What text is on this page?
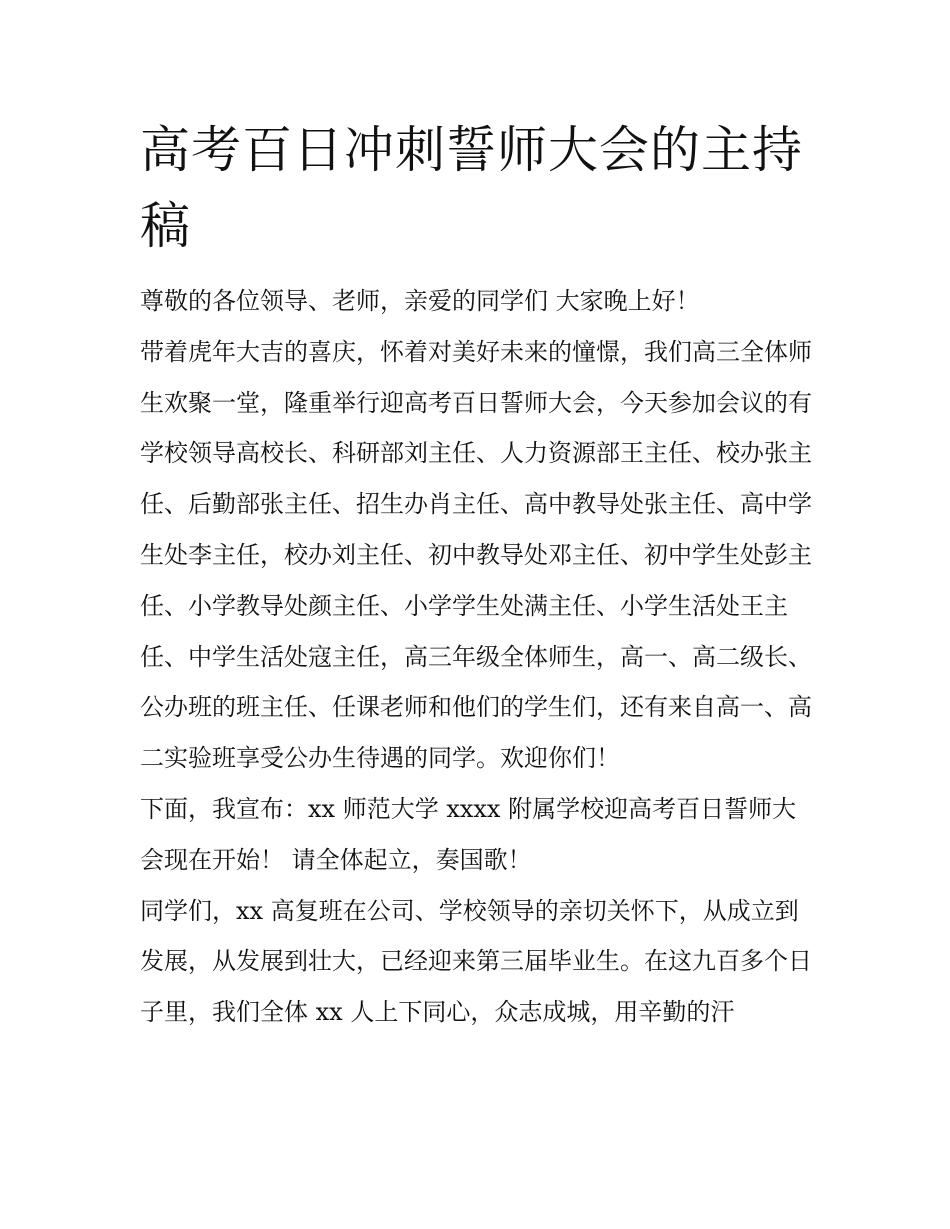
高考百日冲刺誓师大会的主持稿

尊敬的各位领导、老师，亲爱的同学们 大家晚上好！

带着虎年大吉的喜庆，怀着对美好未来的憧憬，我们高三全体师生欢聚一堂，隆重举行迎高考百日誓师大会，今天参加会议的有学校领导高校长、科研部刘主任、人力资源部王主任、校办张主任、后勤部张主任、招生办肖主任、高中教导处张主任、高中学生处李主任，校办刘主任、初中教导处邓主任、初中学生处彭主任、小学教导处颜主任、小学学生处满主任、小学生活处王主任、中学生活处寇主任，高三年级全体师生，高一、高二级长、公办班的班主任、任课老师和他们的学生们，还有来自高一、高二实验班享受公办生待遇的同学。欢迎你们！

下面，我宣布：xx 师范大学 xxxx 附属学校迎高考百日誓师大会现在开始！ 请全体起立，奏国歌！

同学们，xx 高复班在公司、学校领导的亲切关怀下，从成立到发展，从发展到壮大，已经迎来第三届毕业生。在这九百多个日子里，我们全体 xx 人上下同心，众志成城，用辛勤的汗
